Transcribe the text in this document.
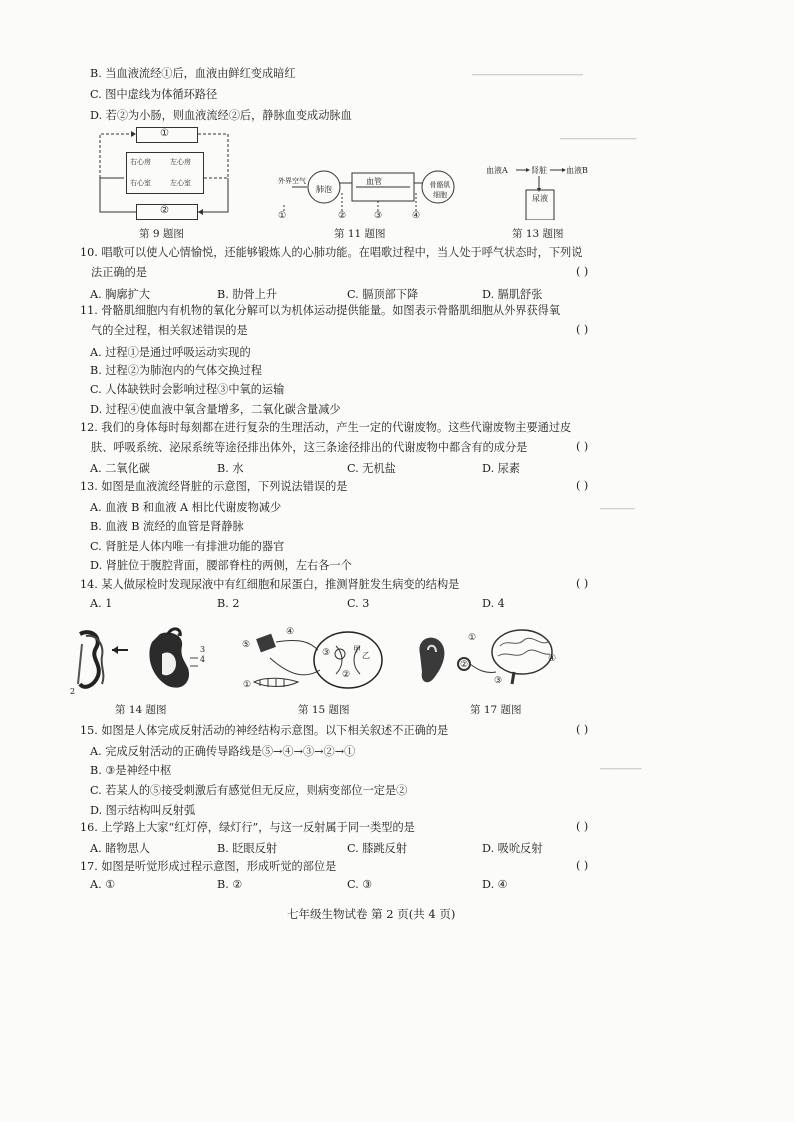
B. 当血液流经①后，血液由鲜红变成暗红
C. 图中虚线为体循环路径
D. 若②为小肠，则血液流经②后，静脉血变成动脉血
▁▁▁▁▁▁▁▁▁▁▁▁▁▁▁▁
▁▁▁▁▁▁▁▁▁▁▁
①
右心房	左心房
右心室	左心室
②
第 9 题图
外界空气
肺泡
血管	骨骼肌细胞
①	②	③	④
第 11 题图
血液A	肾脏 血液B
尿液
第 13 题图
10. 唱歌可以使人心情愉悦，还能够锻炼人的心肺功能。在唱歌过程中，当人处于呼气状态时，下列说
法正确的是	( )
A. 胸廓扩大	B. 肋骨上升	C. 膈顶部下降	D. 膈肌舒张
11. 骨骼肌细胞内有机物的氧化分解可以为机体运动提供能量。如图表示骨骼肌细胞从外界获得氧
气的全过程，相关叙述错误的是	( )
A. 过程①是通过呼吸运动实现的
B. 过程②为肺泡内的气体交换过程
C. 人体缺铁时会影响过程③中氧的运输
D. 过程④使血液中氧含量增多，二氧化碳含量减少
12. 我们的身体每时每刻都在进行复杂的生理活动，产生一定的代谢废物。这些代谢废物主要通过皮
肤、呼吸系统、泌尿系统等途径排出体外，这三条途径排出的代谢废物中都含有的成分是	( )
A. 二氧化碳	B. 水	C. 无机盐	D. 尿素
13. 如图是血液流经肾脏的示意图，下列说法错误的是	( )
A. 血液 B 和血液 A 相比代谢废物减少
B. 血液 B 流经的血管是肾静脉
C. 肾脏是人体内唯一有排泄功能的器官
D. 肾脏位于腹腔背面，腰部脊柱的两侧，左右各一个
14. 某人做尿检时发现尿液中有红细胞和尿蛋白，推测肾脏发生病变的结构是	( )
A. 1	B. 2	C. 3	D. 4
3
4
1
2
第 14 题图
⑤
④
③
②
①
甲
乙
第 15 题图
①
②
③
④
第 17 题图
15. 如图是人体完成反射活动的神经结构示意图。以下相关叙述不正确的是	( )
A. 完成反射活动的正确传导路线是⑤→④→③→②→①
B. ③是神经中枢
C. 若某人的⑤接受刺激后有感觉但无反应，则病变部位一定是②
D. 图示结构叫反射弧
16. 上学路上大家“红灯停，绿灯行”，与这一反射属于同一类型的是	( )
A. 睹物思人	B. 眨眼反射	C. 膝跳反射	D. 吸吮反射
17. 如图是听觉形成过程示意图，形成听觉的部位是	( )
A. ①	B. ②	C. ③	D. ④
▁▁▁▁▁
▁▁▁▁▁▁
七年级生物试卷 第 2 页(共 4 页)
